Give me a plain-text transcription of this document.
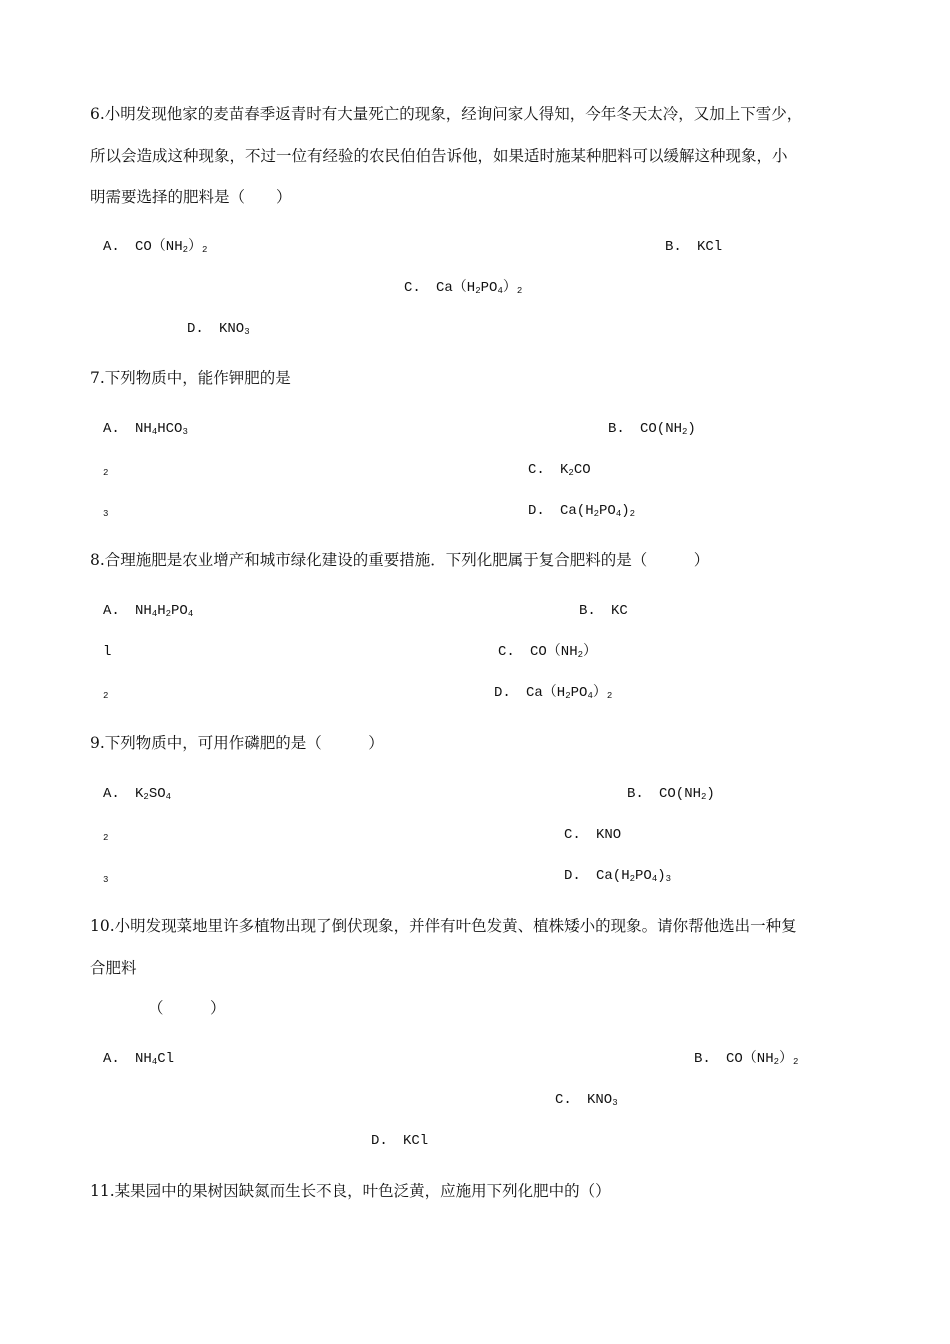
6.小明发现他家的麦苗春季返青时有大量死亡的现象，经询问家人得知，今年冬天太冷，又加上下雪少，
所以会造成这种现象，不过一位有经验的农民伯伯告诉他，如果适时施某种肥料可以缓解这种现象，小
明需要选择的肥料是（　　）
A. $CO(NH_2)_2$	B. KCl
C. $Ca(H_2PO_4)_2$
D. $KNO_3$
7.下列物质中，能作钾肥的是
A. $NH_4HCO_3$	B. $CO(NH_2)$
2	C. $K_2CO$
3	D. $Ca(H_2PO_4)_2$
8.合理施肥是农业增产和城市绿化建设的重要措施．下列化肥属于复合肥料的是（　　　）
A. $NH_4H_2PO_4$	B. KC
l	C. $CO(NH_2)$
2	D. $Ca(H_2PO_4)_2$
9.下列物质中，可用作磷肥的是（　　　）
A. $K_2SO_4$	B. $CO(NH_2)$
2	C. KNO
3	D. $Ca(H_2PO_4)_3$
10.小明发现菜地里许多植物出现了倒伏现象，并伴有叶色发黄、植株矮小的现象。请你帮他选出一种复
合肥料
（　　　）
A. $NH_4Cl$	B. $CO(NH_2)_2$
C. $KNO_3$
D. KCl
11.某果园中的果树因缺氮而生长不良，叶色泛黄，应施用下列化肥中的（）
